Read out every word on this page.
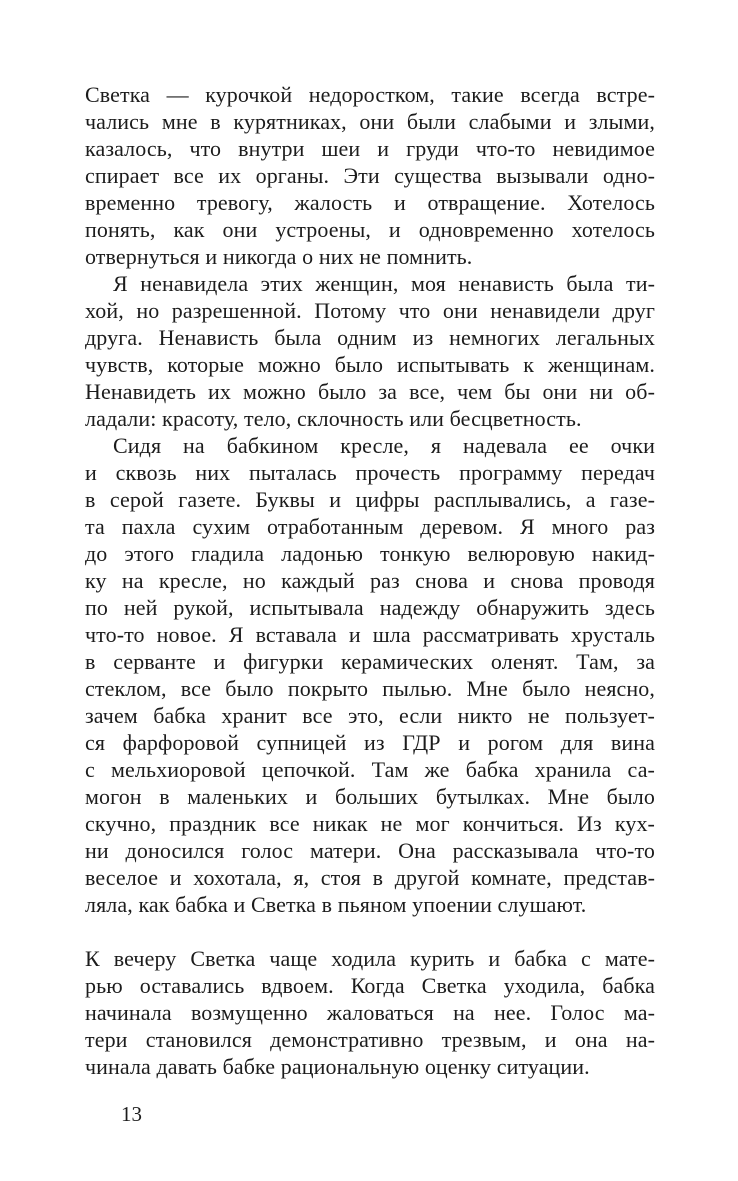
Светка — курочкой недоростком, такие всегда встре-
чались мне в курятниках, они были слабыми и злыми,
казалось, что внутри шеи и груди что-то невидимое
спирает все их органы. Эти существа вызывали одно-
временно тревогу, жалость и отвращение. Хотелось
понять, как они устроены, и одновременно хотелось
отвернуться и никогда о них не помнить.
Я ненавидела этих женщин, моя ненависть была ти-
хой, но разрешенной. Потому что они ненавидели друг
друга. Ненависть была одним из немногих легальных
чувств, которые можно было испытывать к женщинам.
Ненавидеть их можно было за все, чем бы они ни об-
ладали: красоту, тело, склочность или бесцветность.
Сидя на бабкином кресле, я надевала ее очки
и сквозь них пыталась прочесть программу передач
в серой газете. Буквы и цифры расплывались, а газе-
та пахла сухим отработанным деревом. Я много раз
до этого гладила ладонью тонкую велюровую накид-
ку на кресле, но каждый раз снова и снова проводя
по ней рукой, испытывала надежду обнаружить здесь
что-то новое. Я вставала и шла рассматривать хрусталь
в серванте и фигурки керамических оленят. Там, за
стеклом, все было покрыто пылью. Мне было неясно,
зачем бабка хранит все это, если никто не пользует-
ся фарфоровой супницей из ГДР и рогом для вина
с мельхиоровой цепочкой. Там же бабка хранила са-
могон в маленьких и больших бутылках. Мне было
скучно, праздник все никак не мог кончиться. Из кух-
ни доносился голос матери. Она рассказывала что-то
веселое и хохотала, я, стоя в другой комнате, представ-
ляла, как бабка и Светка в пьяном упоении слушают.
К вечеру Светка чаще ходила курить и бабка с мате-
рью оставались вдвоем. Когда Светка уходила, бабка
начинала возмущенно жаловаться на нее. Голос ма-
тери становился демонстративно трезвым, и она на-
чинала давать бабке рациональную оценку ситуации.
13
